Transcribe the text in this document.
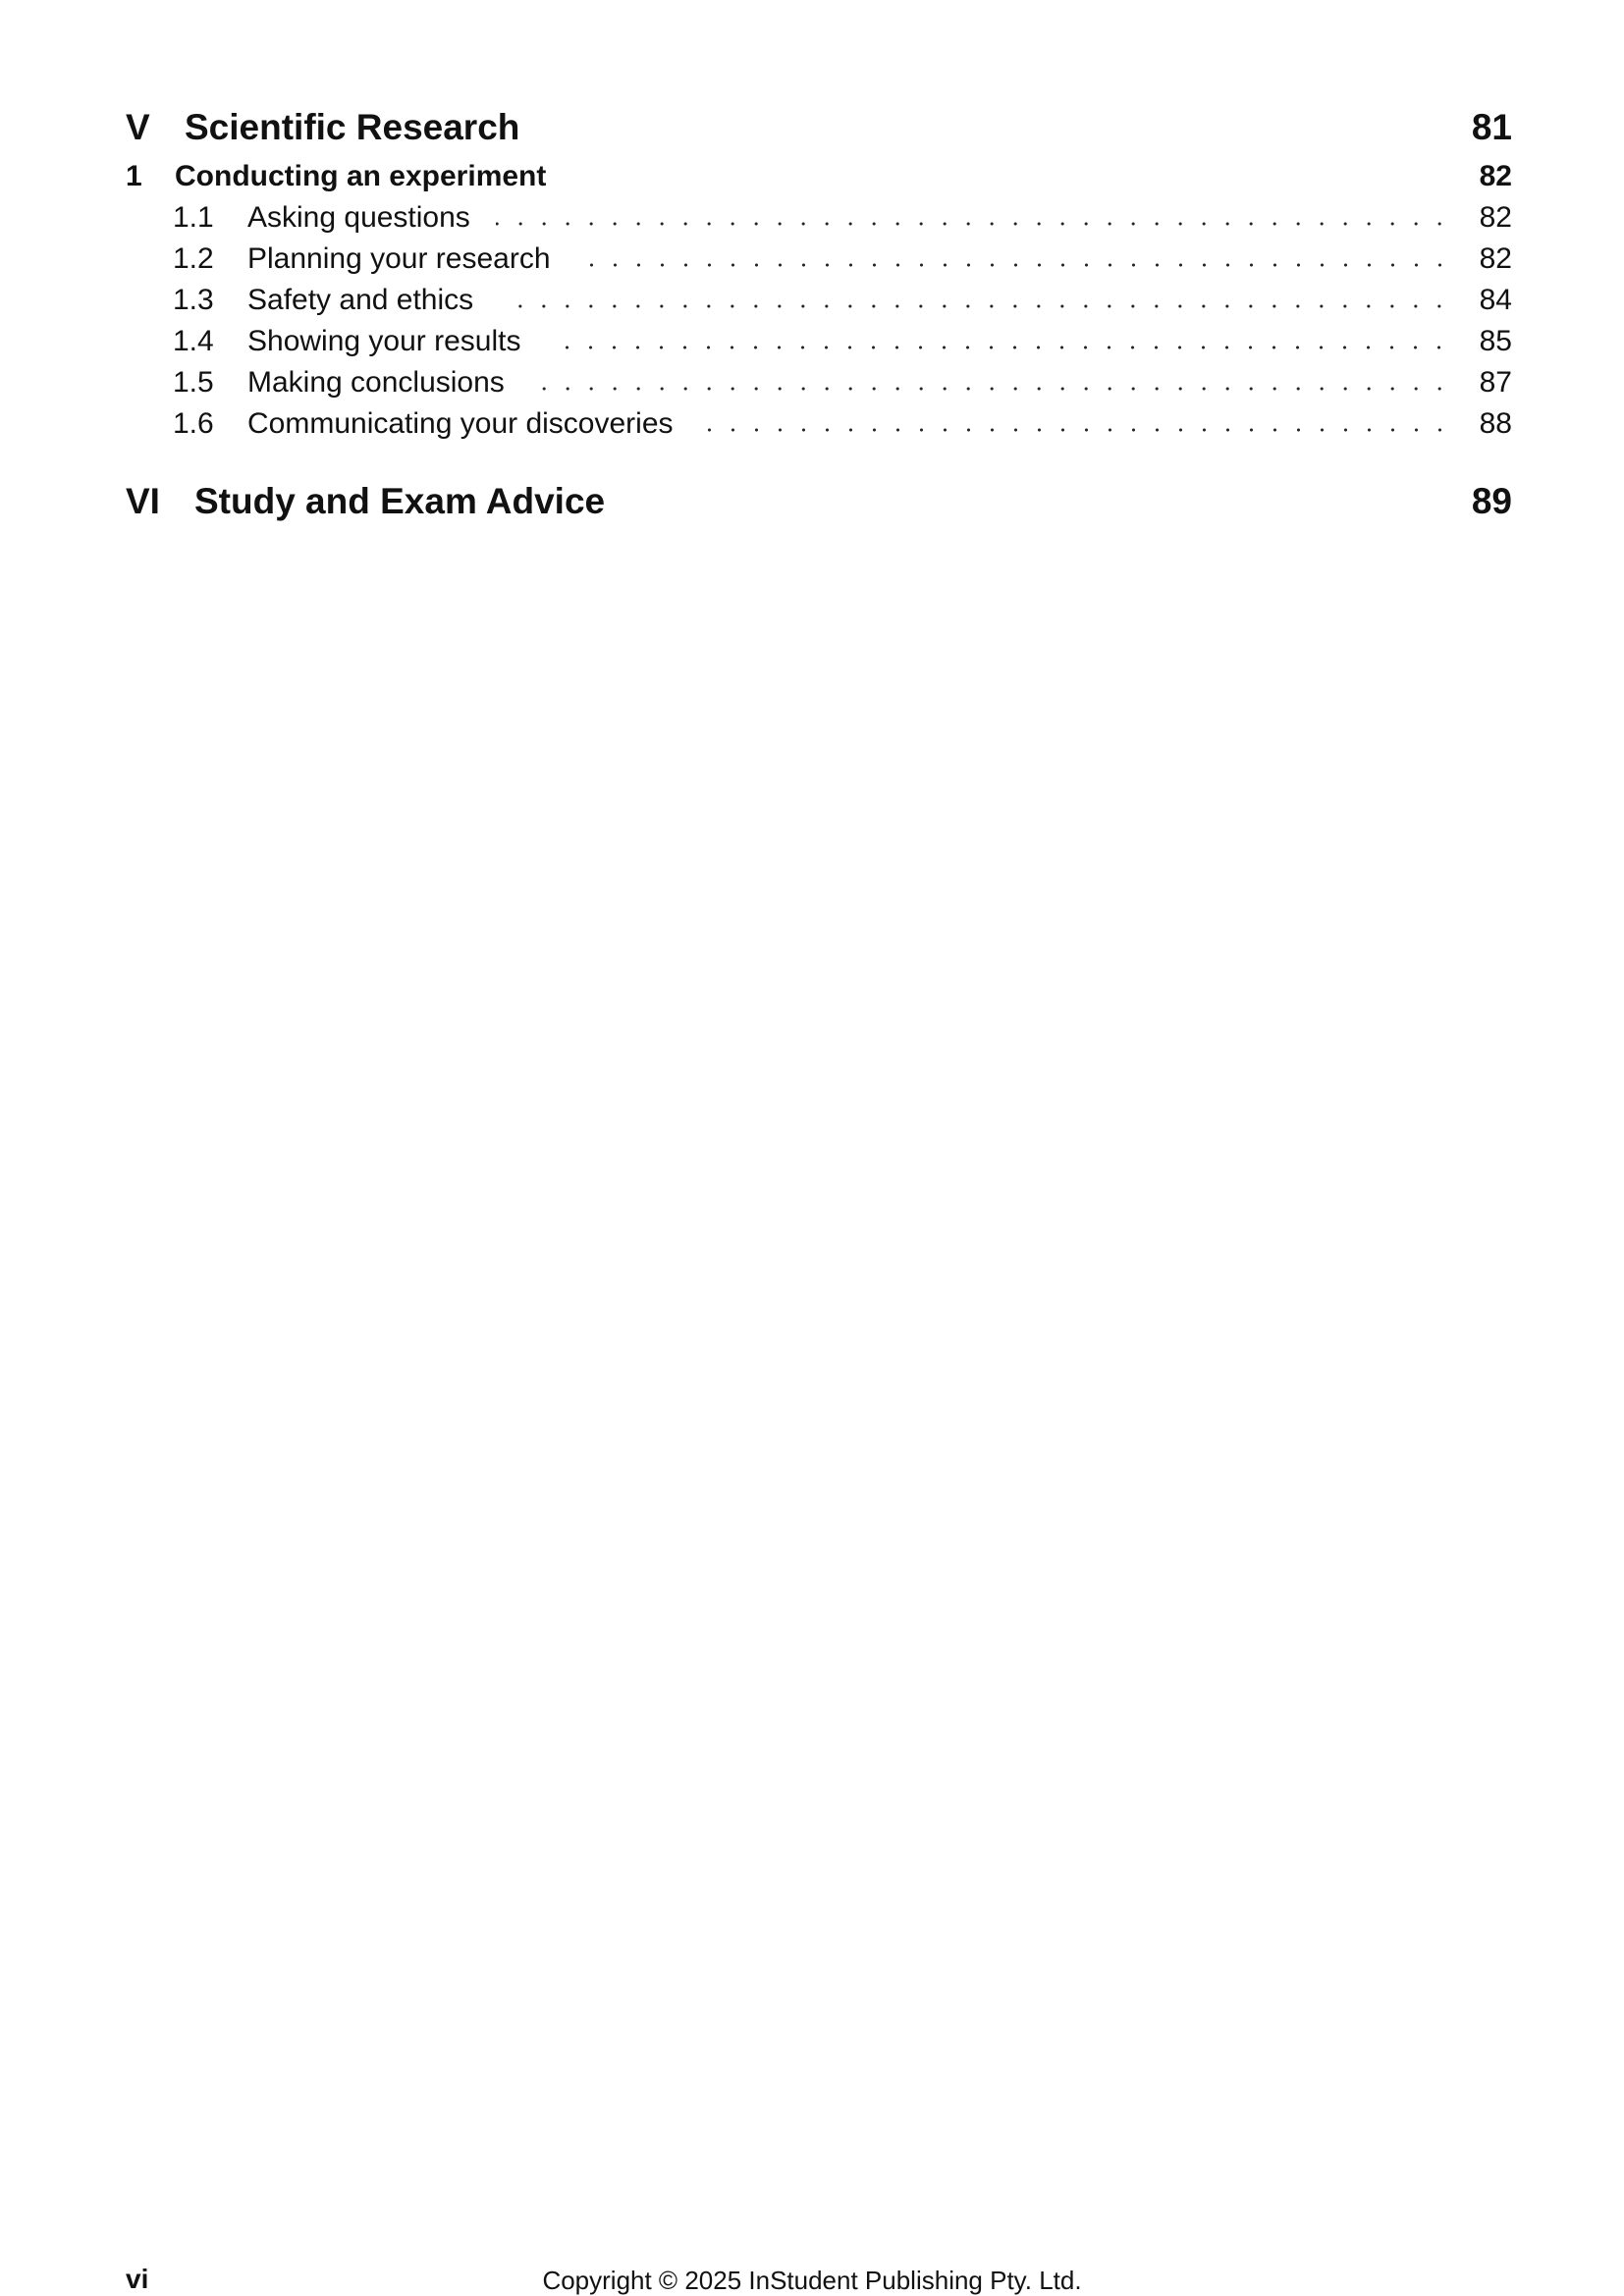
V Scientific Research	81
1	Conducting an experiment	82
1.1	Asking questions	82
1.2	Planning your research	82
1.3	Safety and ethics	84
1.4	Showing your results	85
1.5	Making conclusions	87
1.6	Communicating your discoveries	88
VI Study and Exam Advice	89
vi	Copyright © 2025 InStudent Publishing Pty. Ltd.
